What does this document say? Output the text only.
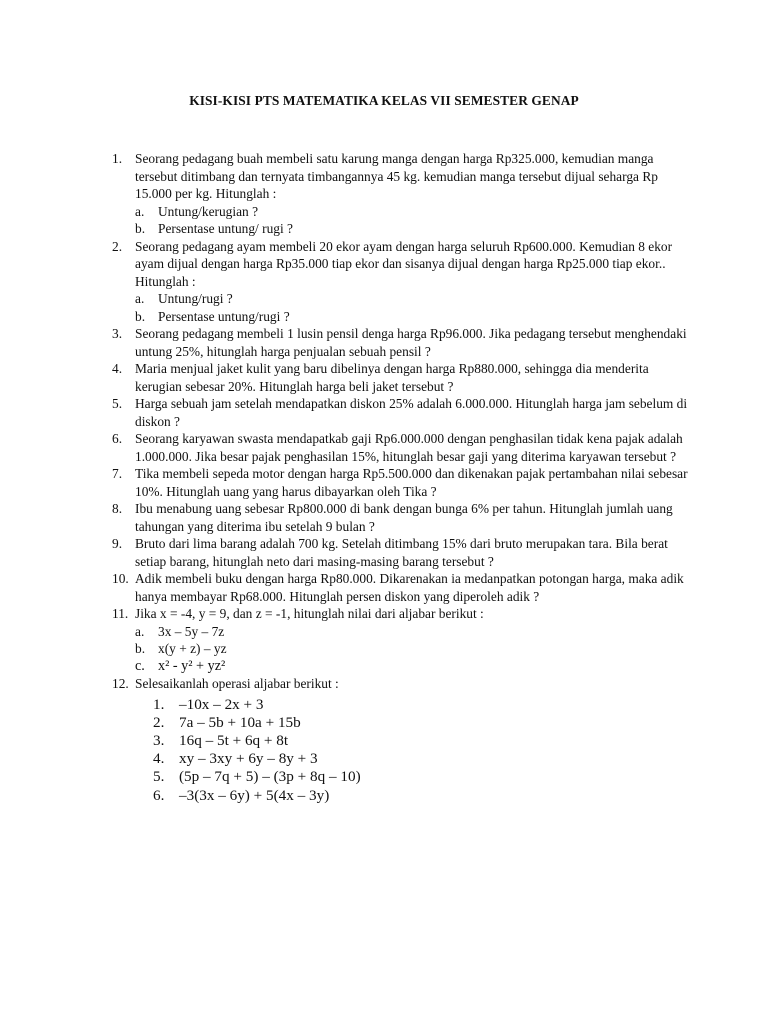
KISI-KISI PTS MATEMATIKA KELAS VII SEMESTER GENAP
1. Seorang pedagang buah membeli satu karung manga dengan harga Rp325.000, kemudian manga tersebut ditimbang dan ternyata timbangannya 45 kg. kemudian manga tersebut dijual seharga Rp 15.000 per kg. Hitunglah :
a. Untung/kerugian ?
b. Persentase untung/ rugi ?
2. Seorang pedagang ayam membeli 20 ekor ayam dengan harga seluruh Rp600.000. Kemudian 8 ekor ayam dijual dengan harga Rp35.000 tiap ekor dan sisanya dijual dengan harga Rp25.000 tiap ekor.. Hitunglah :
a. Untung/rugi ?
b. Persentase untung/rugi ?
3. Seorang pedagang membeli 1 lusin pensil denga harga Rp96.000. Jika pedagang tersebut menghendaki untung 25%, hitunglah harga penjualan sebuah pensil ?
4. Maria menjual jaket kulit yang baru dibelinya dengan harga Rp880.000, sehingga dia menderita kerugian sebesar 20%. Hitunglah harga beli jaket tersebut ?
5. Harga sebuah jam setelah mendapatkan diskon 25% adalah 6.000.000. Hitunglah harga jam sebelum di diskon ?
6. Seorang karyawan swasta mendapatkab gaji Rp6.000.000 dengan penghasilan tidak kena pajak adalah 1.000.000. Jika besar pajak penghasilan 15%, hitunglah besar gaji yang diterima karyawan tersebut ?
7. Tika membeli sepeda motor dengan harga Rp5.500.000 dan dikenakan pajak pertambahan nilai sebesar 10%. Hitunglah uang yang harus dibayarkan oleh Tika ?
8. Ibu menabung uang sebesar Rp800.000 di bank dengan bunga 6% per tahun. Hitunglah jumlah uang tahungan yang diterima ibu setelah 9 bulan ?
9. Bruto dari lima barang adalah 700 kg. Setelah ditimbang 15% dari bruto merupakan tara. Bila berat setiap barang, hitunglah neto dari masing-masing barang tersebut ?
10. Adik membeli buku dengan harga Rp80.000. Dikarenakan ia medanpatkan potongan harga, maka adik hanya membayar Rp68.000. Hitunglah persen diskon yang diperoleh adik ?
11. Jika x = -4, y = 9, dan z = -1, hitunglah nilai dari aljabar berikut :
a. 3x – 5y – 7z
b. x(y + z) – yz
c. x² - y² + yz²
12. Selesaikanlah operasi aljabar berikut :
1. –10x – 2x + 3
2. 7a – 5b + 10a + 15b
3. 16q – 5t + 6q + 8t
4. xy – 3xy + 6y – 8y + 3
5. (5p – 7q + 5) – (3p + 8q – 10)
6. –3(3x – 6y) + 5(4x – 3y)
